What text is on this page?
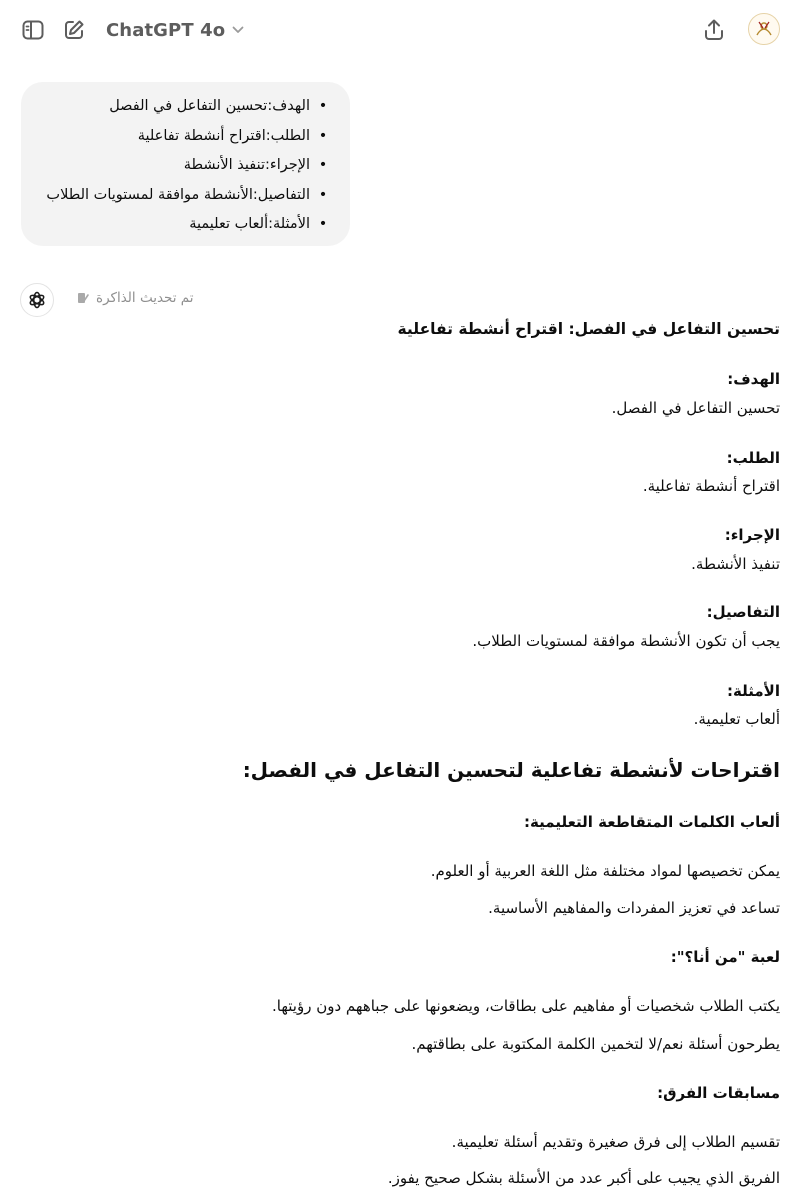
ChatGPT 4o
• الهدف:تحسين التفاعل في الفصل
• الطلب:اقتراح أنشطة تفاعلية
• الإجراء:تنفيذ الأنشطة
• التفاصيل:الأنشطة موافقة لمستويات الطلاب
• الأمثلة:ألعاب تعليمية
تم تحديث الذاكرة
تحسين التفاعل في الفصل: اقتراح أنشطة تفاعلية
الهدف:
تحسين التفاعل في الفصل.
الطلب:
اقتراح أنشطة تفاعلية.
الإجراء:
تنفيذ الأنشطة.
التفاصيل:
يجب أن تكون الأنشطة موافقة لمستويات الطلاب.
الأمثلة:
ألعاب تعليمية.
اقتراحات لأنشطة تفاعلية لتحسين التفاعل في الفصل:
ألعاب الكلمات المتقاطعة التعليمية:
يمكن تخصيصها لمواد مختلفة مثل اللغة العربية أو العلوم.
تساعد في تعزيز المفردات والمفاهيم الأساسية.
لعبة "من أنا؟":
يكتب الطلاب شخصيات أو مفاهيم على بطاقات، ويضعونها على جباههم دون رؤيتها.
يطرحون أسئلة نعم/لا لتخمين الكلمة المكتوبة على بطاقتهم.
مسابقات الفرق:
تقسيم الطلاب إلى فرق صغيرة وتقديم أسئلة تعليمية.
الفريق الذي يجيب على أكبر عدد من الأسئلة بشكل صحيح يفوز.
